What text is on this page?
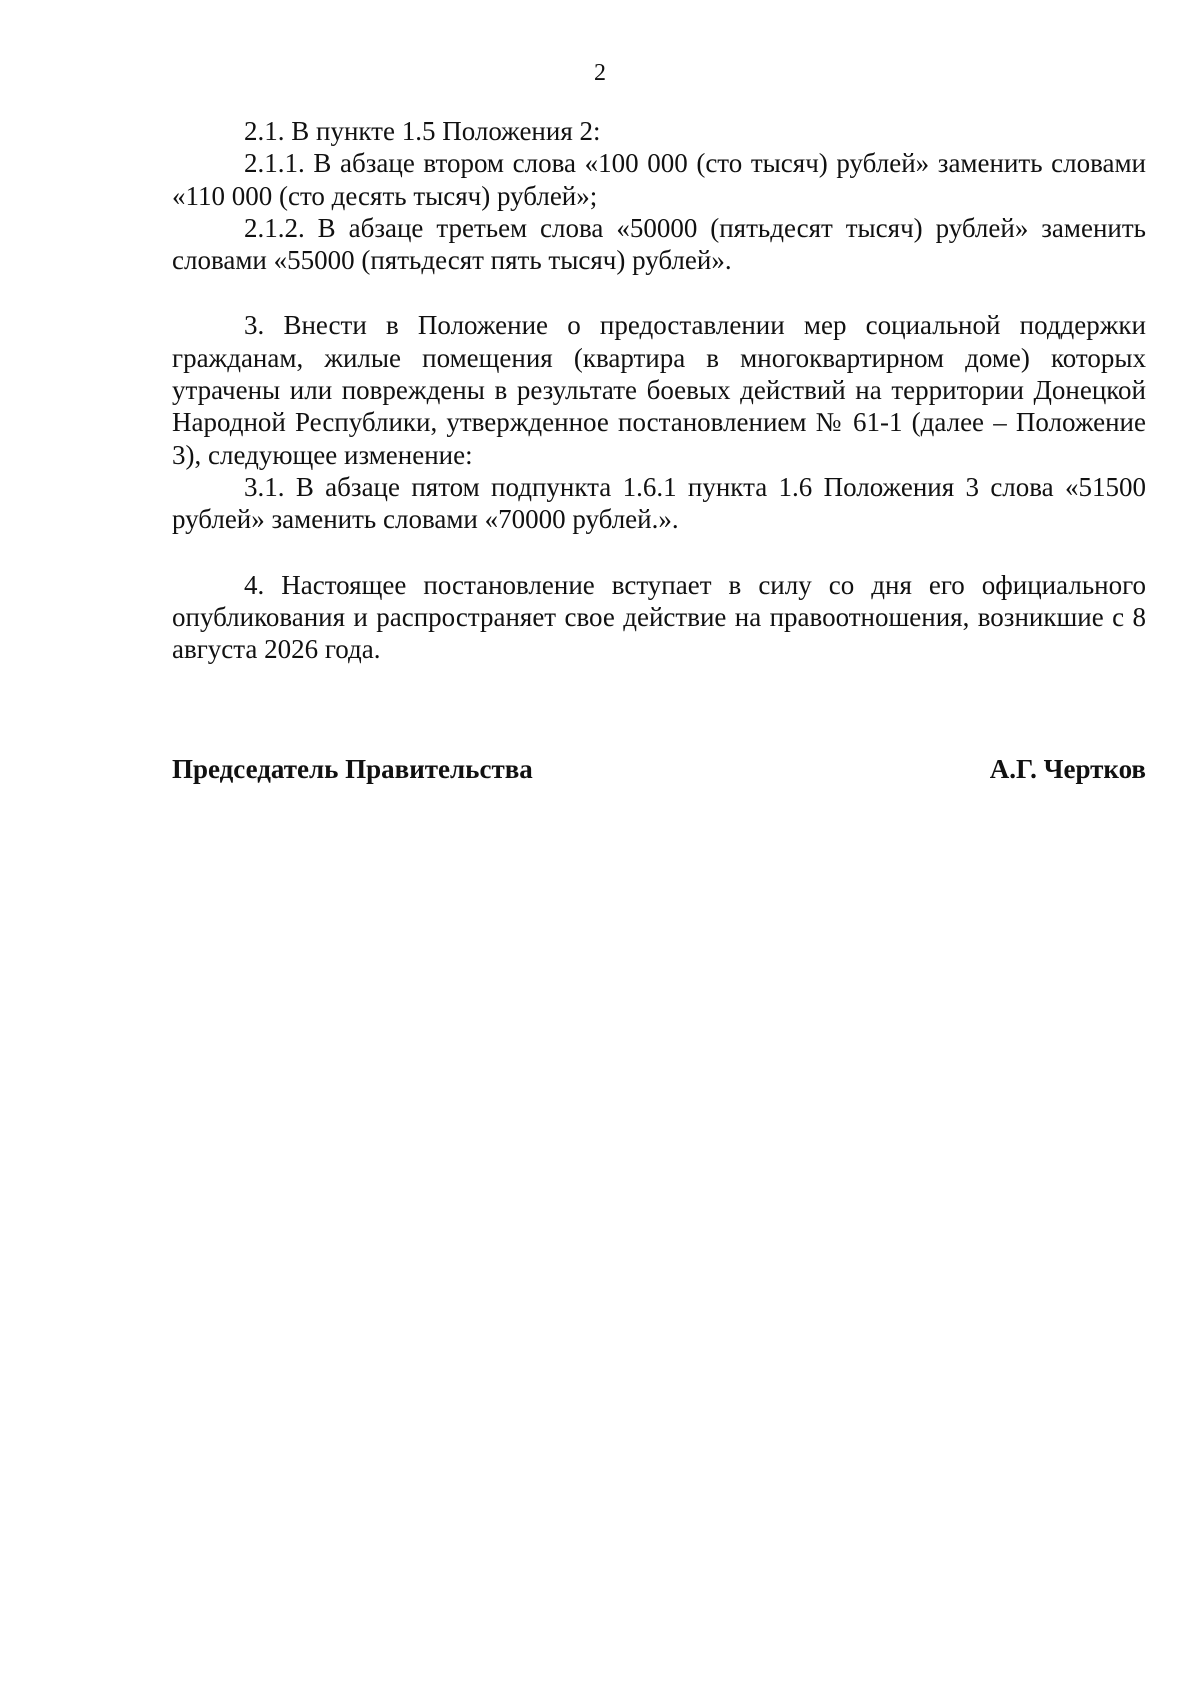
2

2.1. В пункте 1.5 Положения 2:

2.1.1. В абзаце втором слова «100 000 (сто тысяч) рублей» заменить словами «110 000 (сто десять тысяч) рублей»;

2.1.2. В абзаце третьем слова «50000 (пятьдесят тысяч) рублей» заменить словами «55000 (пятьдесят пять тысяч) рублей».

3. Внести в Положение о предоставлении мер социальной поддержки гражданам, жилые помещения (квартира в многоквартирном доме) которых утрачены или повреждены в результате боевых действий на территории Донецкой Народной Республики, утвержденное постановлением № 61-1 (далее – Положение 3), следующее изменение:

3.1. В абзаце пятом подпункта 1.6.1 пункта 1.6 Положения 3 слова «51500 рублей» заменить словами «70000 рублей.».

4. Настоящее постановление вступает в силу со дня его официального опубликования и распространяет свое действие на правоотношения, возникшие с 8 августа 2026 года.

Председатель Правительства	А.Г. Чертков
